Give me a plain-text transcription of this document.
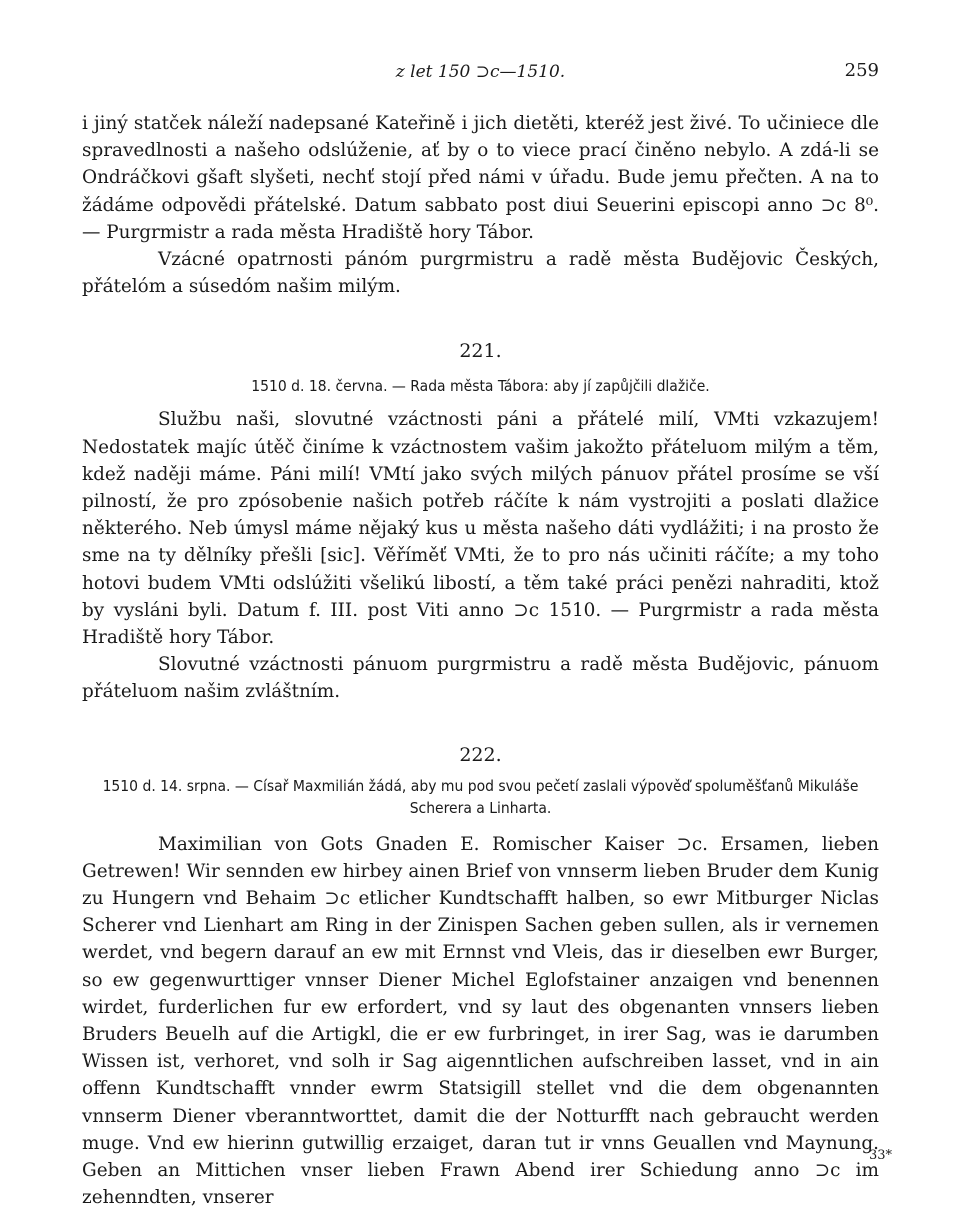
z let 150 ⊃c—1510.	259

i jiný statček náleží nadepsané Kateřině i jich dietěti, kteréž jest živé. To učiniece dle spravedlnosti a našeho odslúženie, ať by o to viece prací činěno nebylo. A zdá-li se Ondráčkovi gšaft slyšeti, nechť stojí před námi v úřadu. Bude jemu přečten. A na to žádáme odpovědi přátelské. Datum sabbato post diui Seuerini episcopi anno ⊃c 8⁰. — Purgrmistr a rada města Hradiště hory Tábor.

Vzácné opatrnosti pánóm purgrmistru a radě města Budějovic Českých, přátelóm a súsedóm našim milým.

221.
1510 d. 18. června. — Rada města Tábora: aby jí zapůjčili dlažiče.

Službu naši, slovutné vzáctnosti páni a přátelé milí, VMti vzkazujem! Nedostatek majíc útěč činíme k vzáctnostem vašim jakožto přáteluom milým a těm, kdež naději máme. Páni milí! VMtí jako svých milých pánuov přátel prosíme se vší pilností, že pro zpósobenie našich potřeb ráčíte k nám vystrojiti a poslati dlažice některého. Neb úmysl máme nějaký kus u města našeho dáti vydlážiti; i na prosto že sme na ty dělníky přešli [sic]. Věříměť VMti, že to pro nás učiniti ráčíte; a my toho hotovi budem VMti odslúžiti všelikú libostí, a těm také práci penězi nahraditi, ktož by vysláni byli. Datum f. III. post Viti anno ⊃c 1510. — Purgrmistr a rada města Hradiště hory Tábor.

Slovutné vzáctnosti pánuom purgrmistru a radě města Budějovic, pánuom přáteluom našim zvláštním.

222.
1510 d. 14. srpna. — Císař Maxmilián žádá, aby mu pod svou pečetí zaslali výpověď spoluměšťanů Mikuláše Scherera a Linharta.

Maximilian von Gots Gnaden E. Romischer Kaiser ⊃c. Ersamen, lieben Getrewen! Wir sennden ew hirbey ainen Brief von vnnserm lieben Bruder dem Kunig zu Hungern vnd Behaim ⊃c etlicher Kundtschafft halben, so ewr Mitburger Niclas Scherer vnd Lienhart am Ring in der Zinispen Sachen geben sullen, als ir vernemen werdet, vnd begern darauf an ew mit Ernnst vnd Vleis, das ir dieselben ewr Burger, so ew gegenwurttiger vnnser Diener Michel Eglofstainer anzaigen vnd benennen wirdet, furderlichen fur ew erfordert, vnd sy laut des obgenanten vnnsers lieben Bruders Beuelh auf die Artigkl, die er ew furbringet, in irer Sag, was ie darumben Wissen ist, verhoret, vnd solh ir Sag aigenntlichen aufschreiben lasset, vnd in ain offenn Kundtschafft vnnder ewrm Statsigill stellet vnd die dem obgenannten vnnserm Diener vberanntworttet, damit die der Notturfft nach gebraucht werden muge. Vnd ew hierinn gutwillig erzaiget, daran tut ir vnns Geuallen vnd Maynung. Geben an Mittichen vnser lieben Frawn Abend irer Schiedung anno ⊃c im zehenndten, vnserer

33*
